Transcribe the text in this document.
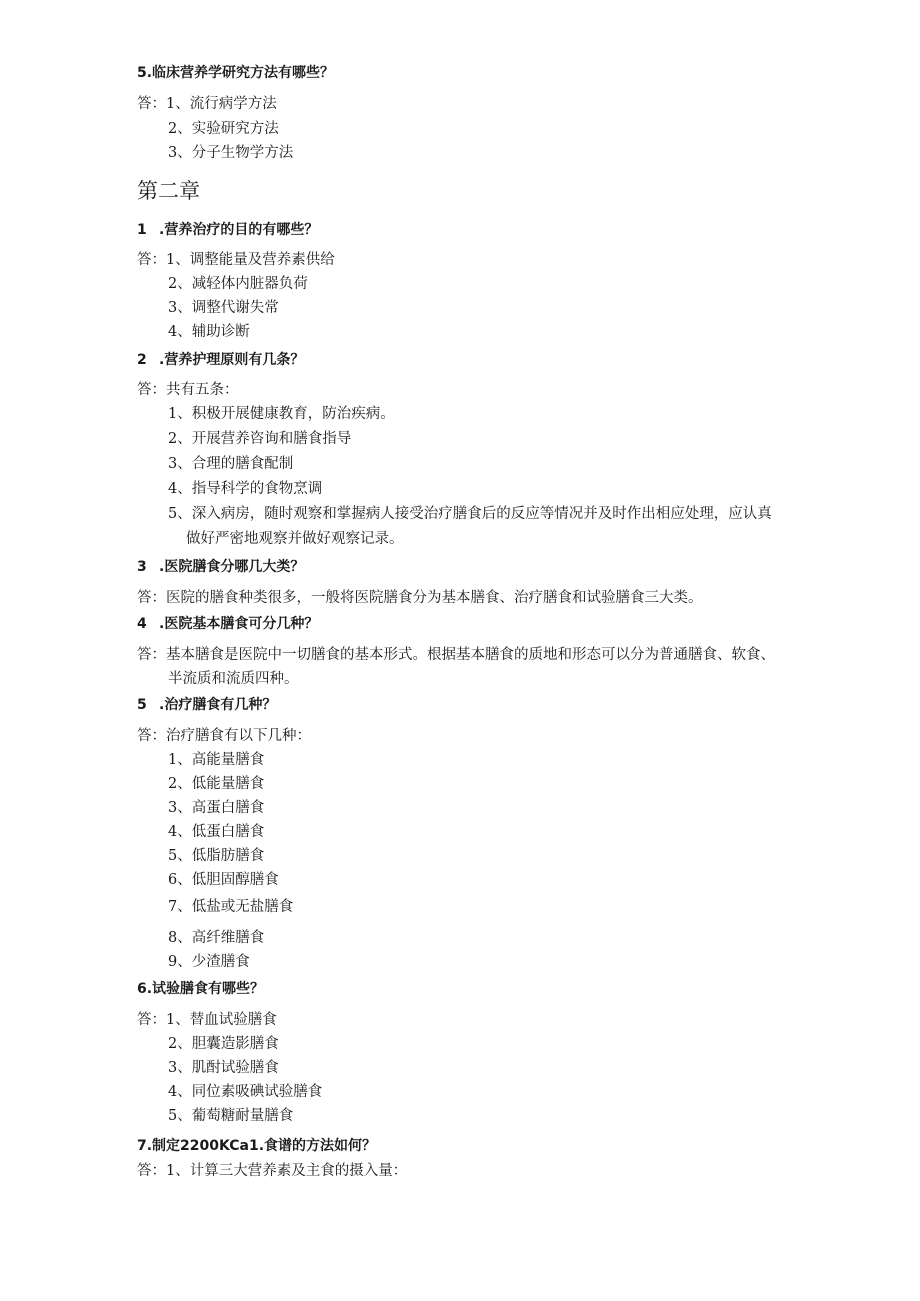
5.临床营养学研究方法有哪些？
答：1、流行病学方法
2、实验研究方法
3、分子生物学方法
第二章
1 .营养治疗的目的有哪些？
答：1、调整能量及营养素供给
2、减轻体内脏器负荷
3、调整代谢失常
4、辅助诊断
2 .营养护理原则有几条？
答：共有五条：
1、积极开展健康教育，防治疾病。
2、开展营养咨询和膳食指导
3、合理的膳食配制
4、指导科学的食物烹调
5、深入病房，随时观察和掌握病人接受治疗膳食后的反应等情况并及时作出相应处理，应认真
做好严密地观察并做好观察记录。
3 .医院膳食分哪几大类？
答：医院的膳食种类很多，一般将医院膳食分为基本膳食、治疗膳食和试验膳食三大类。
4 .医院基本膳食可分几种？
答：基本膳食是医院中一切膳食的基本形式。根据基本膳食的质地和形态可以分为普通膳食、软食、
半流质和流质四种。
5 .治疗膳食有几种？
答：治疗膳食有以下几种：
1、高能量膳食
2、低能量膳食
3、高蛋白膳食
4、低蛋白膳食
5、低脂肪膳食
6、低胆固醇膳食
7、低盐或无盐膳食
8、高纤维膳食
9、少渣膳食
6.试验膳食有哪些？
答：1、替血试验膳食
2、胆囊造影膳食
3、肌酎试验膳食
4、同位素吸碘试验膳食
5、葡萄糖耐量膳食
7.制定2200KCa1.食谱的方法如何？
答：1、计算三大营养素及主食的摄入量：
